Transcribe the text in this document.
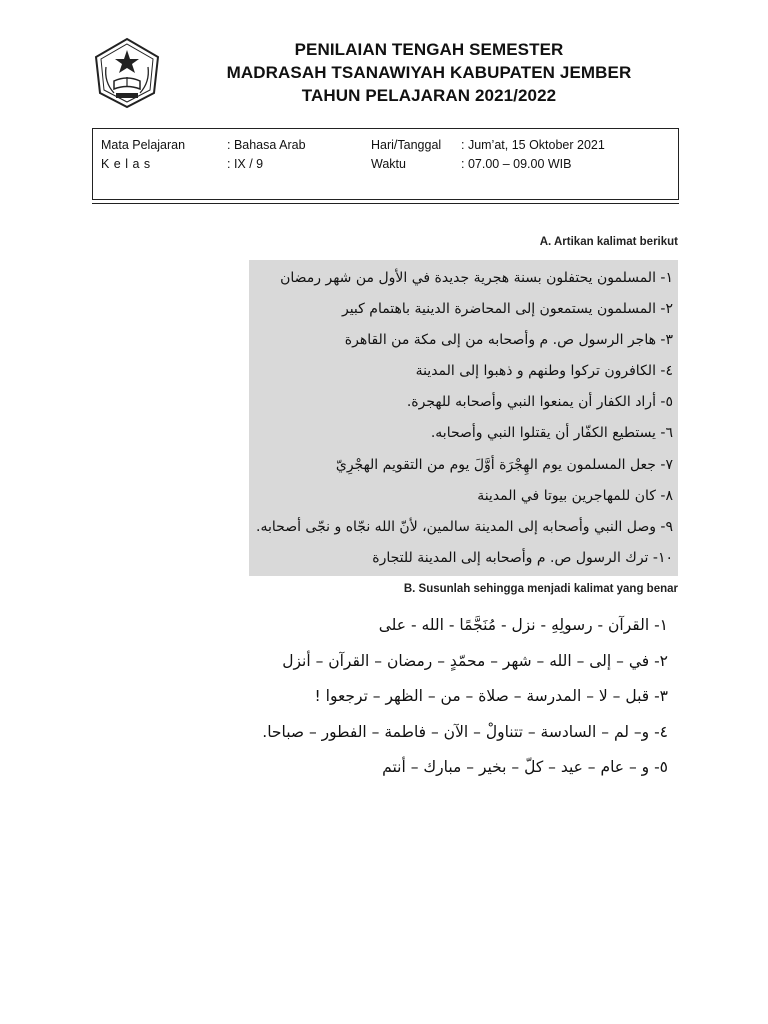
PENILAIAN TENGAH SEMESTER
MADRASAH TSANAWIYAH KABUPATEN JEMBER
TAHUN PELAJARAN 2021/2022
Mata Pelajaran	: Bahasa Arab	Hari/Tanggal : Jum’at, 15 Oktober 2021
K e l a s	: IX / 9	Waktu	: 07.00 – 09.00 WIB
A. Artikan kalimat berikut
١- المسلمون يحتفلون بسنة هجرية جديدة في الأول من شهر رمضان
٢- المسلمون يستمعون إلى المحاضرة الدينية باهتمام كبير
٣- هاجر الرسول ص. م وأصحابه من إلى مكة من القاهرة
٤- الكافرون تركوا وطنهم و ذهبوا إلى المدينة
٥- أراد الكفار أن يمنعوا النبي وأصحابه للهجرة.
٦- يستطيع الكفّار أن يقتلوا النبي وأصحابه.
٧- جعل المسلمون يوم الهِجْرَة أوَّلَ يوم من التقويم الهجْرِيّ
٨- كان للمهاجرين بيوتا في المدينة
٩- وصل النبي وأصحابه إلى المدينة سالمين، لأنّ الله نجّاه و نجّى أصحابه.
١٠- ترك الرسول ص. م وأصحابه إلى المدينة للتجارة
B. Susunlah sehingga menjadi kalimat yang benar
١- القرآن - رسولِهِ - نزل - مُنَجَّمًا - الله - على
٢- في – إلى – الله – شهر – محمّدٍ – رمضان – القرآن – أنزل
٣- قبل – لا – المدرسة – صلاة – من – الظهر – ترجعوا !
٤- و– لم – السادسة – تتناولْ – الآن – فاطمة – الفطور – صباحا.
٥- و – عام – عيد – كلّ – بخير – مبارك – أنتم
